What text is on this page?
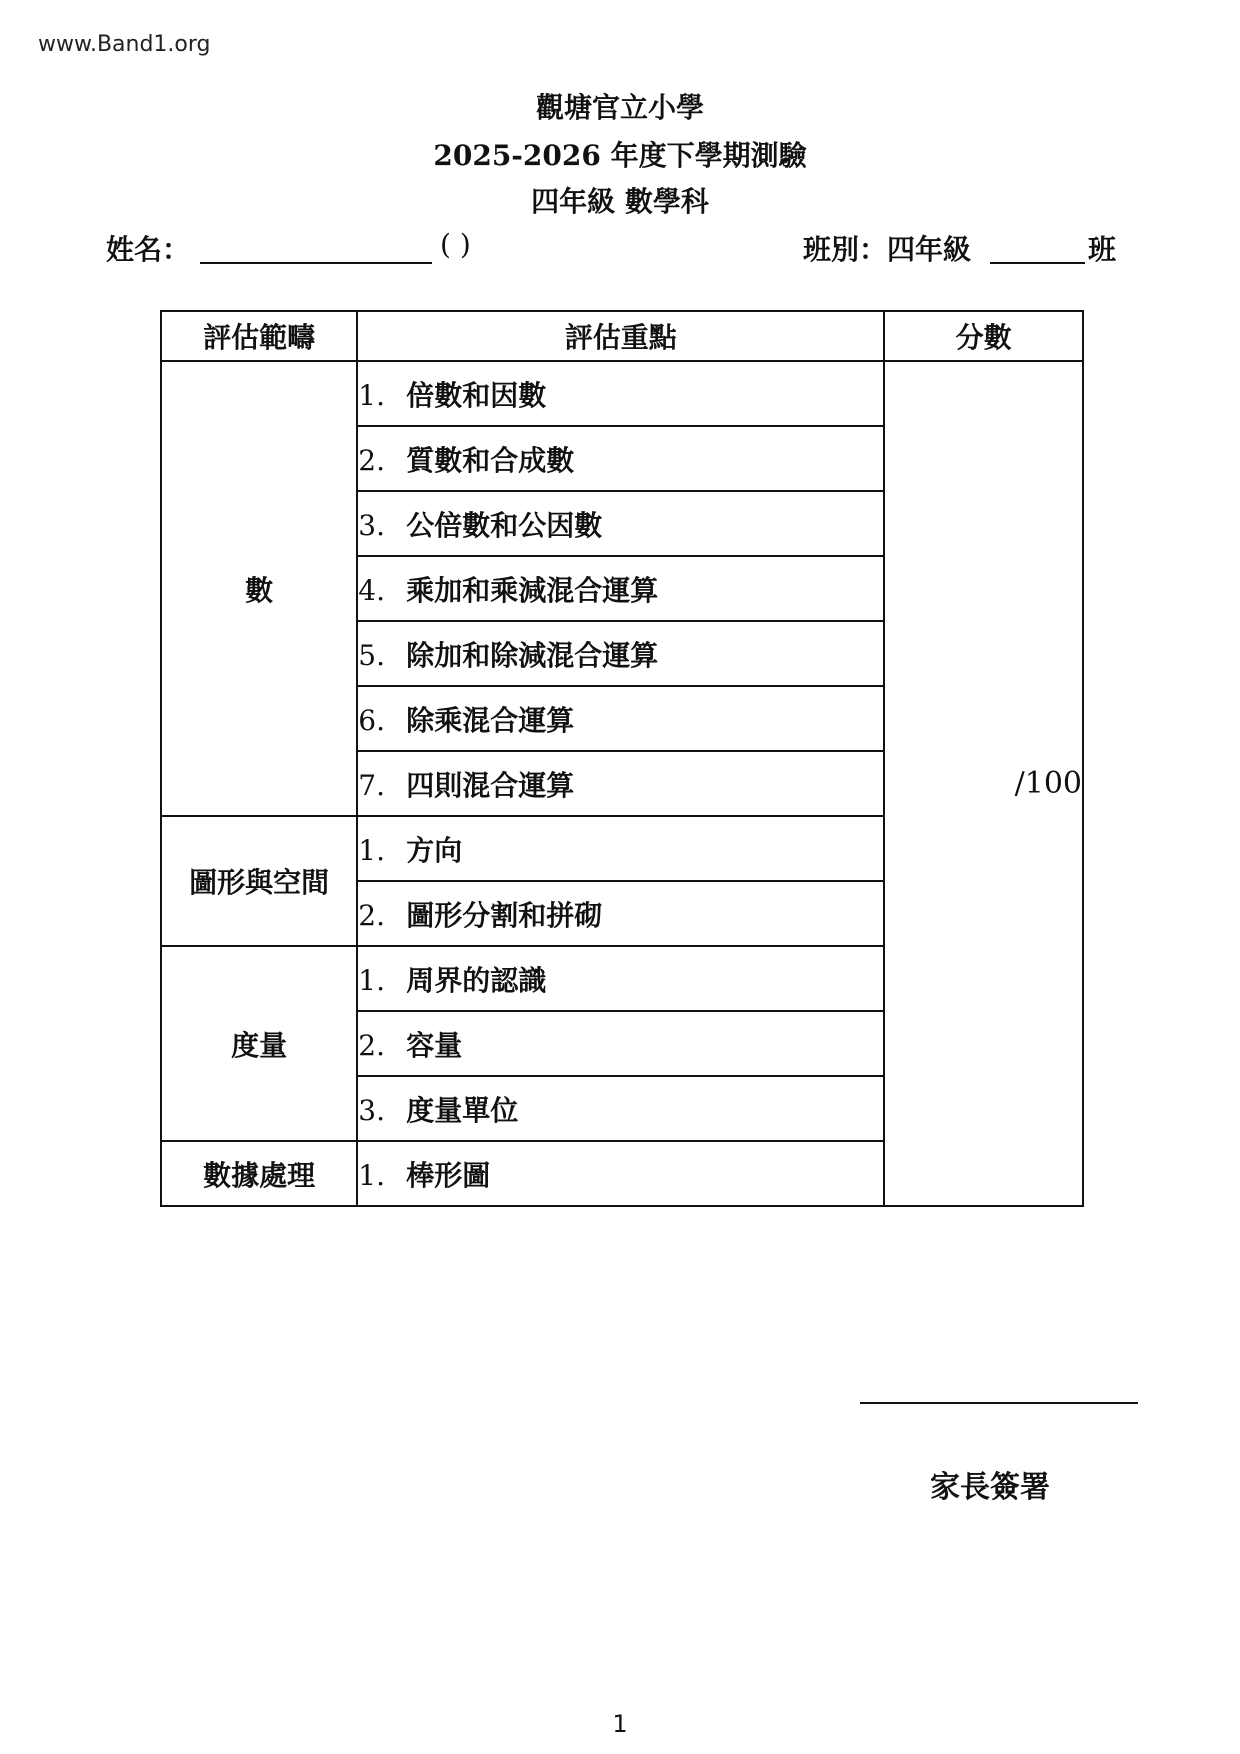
www.Band1.org
觀塘官立小學
2025-2026 年度下學期測驗
四年級 數學科
姓名：	( )	班別：四年級	班
評估範疇	評估重點	分數
數	1. 倍數和因數	/100
	2. 質數和合成數	
	3. 公倍數和公因數	
	4. 乘加和乘減混合運算	
	5. 除加和除減混合運算	
	6. 除乘混合運算	
	7. 四則混合運算	
圖形與空間	1. 方向	
	2. 圖形分割和拼砌	
度量	1. 周界的認識	
	2. 容量	
	3. 度量單位	
數據處理	1. 棒形圖	
家長簽署
1
